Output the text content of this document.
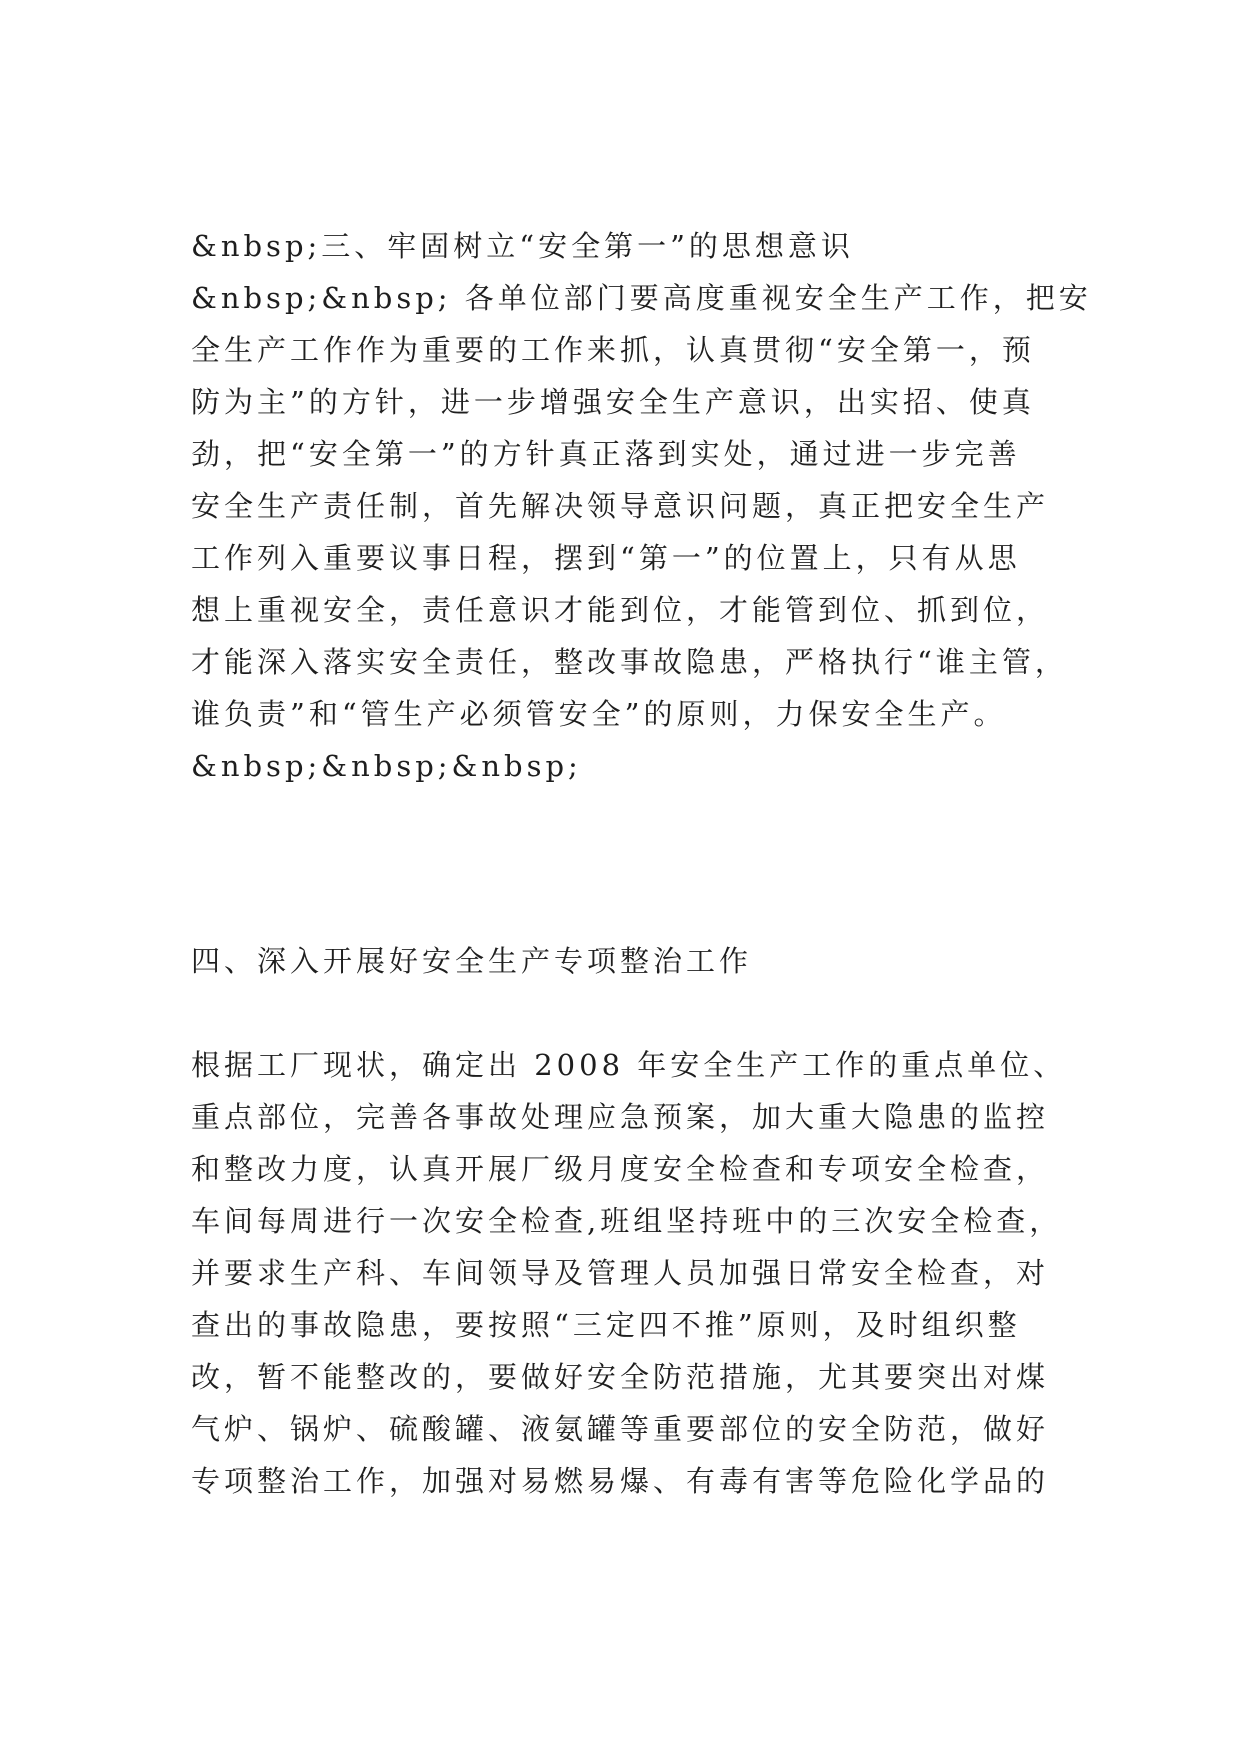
&nbsp;三、牢固树立“安全第一”的思想意识

&nbsp;&nbsp; 各单位部门要高度重视安全生产工作，把安
全生产工作作为重要的工作来抓，认真贯彻“安全第一，预
防为主”的方针，进一步增强安全生产意识，出实招、使真
劲，把“安全第一”的方针真正落到实处，通过进一步完善
安全生产责任制，首先解决领导意识问题，真正把安全生产
工作列入重要议事日程，摆到“第一”的位置上，只有从思
想上重视安全，责任意识才能到位，才能管到位、抓到位，
才能深入落实安全责任，整改事故隐患，严格执行“谁主管，
谁负责”和“管生产必须管安全”的原则，力保安全生产。
&nbsp;&nbsp;&nbsp;

四、深入开展好安全生产专项整治工作

根据工厂现状，确定出 2008 年安全生产工作的重点单位、
重点部位，完善各事故处理应急预案，加大重大隐患的监控
和整改力度，认真开展厂级月度安全检查和专项安全检查，
车间每周进行一次安全检查,班组坚持班中的三次安全检查，
并要求生产科、车间领导及管理人员加强日常安全检查，对
查出的事故隐患，要按照“三定四不推”原则，及时组织整
改，暂不能整改的，要做好安全防范措施，尤其要突出对煤
气炉、锅炉、硫酸罐、液氨罐等重要部位的安全防范，做好
专项整治工作，加强对易燃易爆、有毒有害等危险化学品的
